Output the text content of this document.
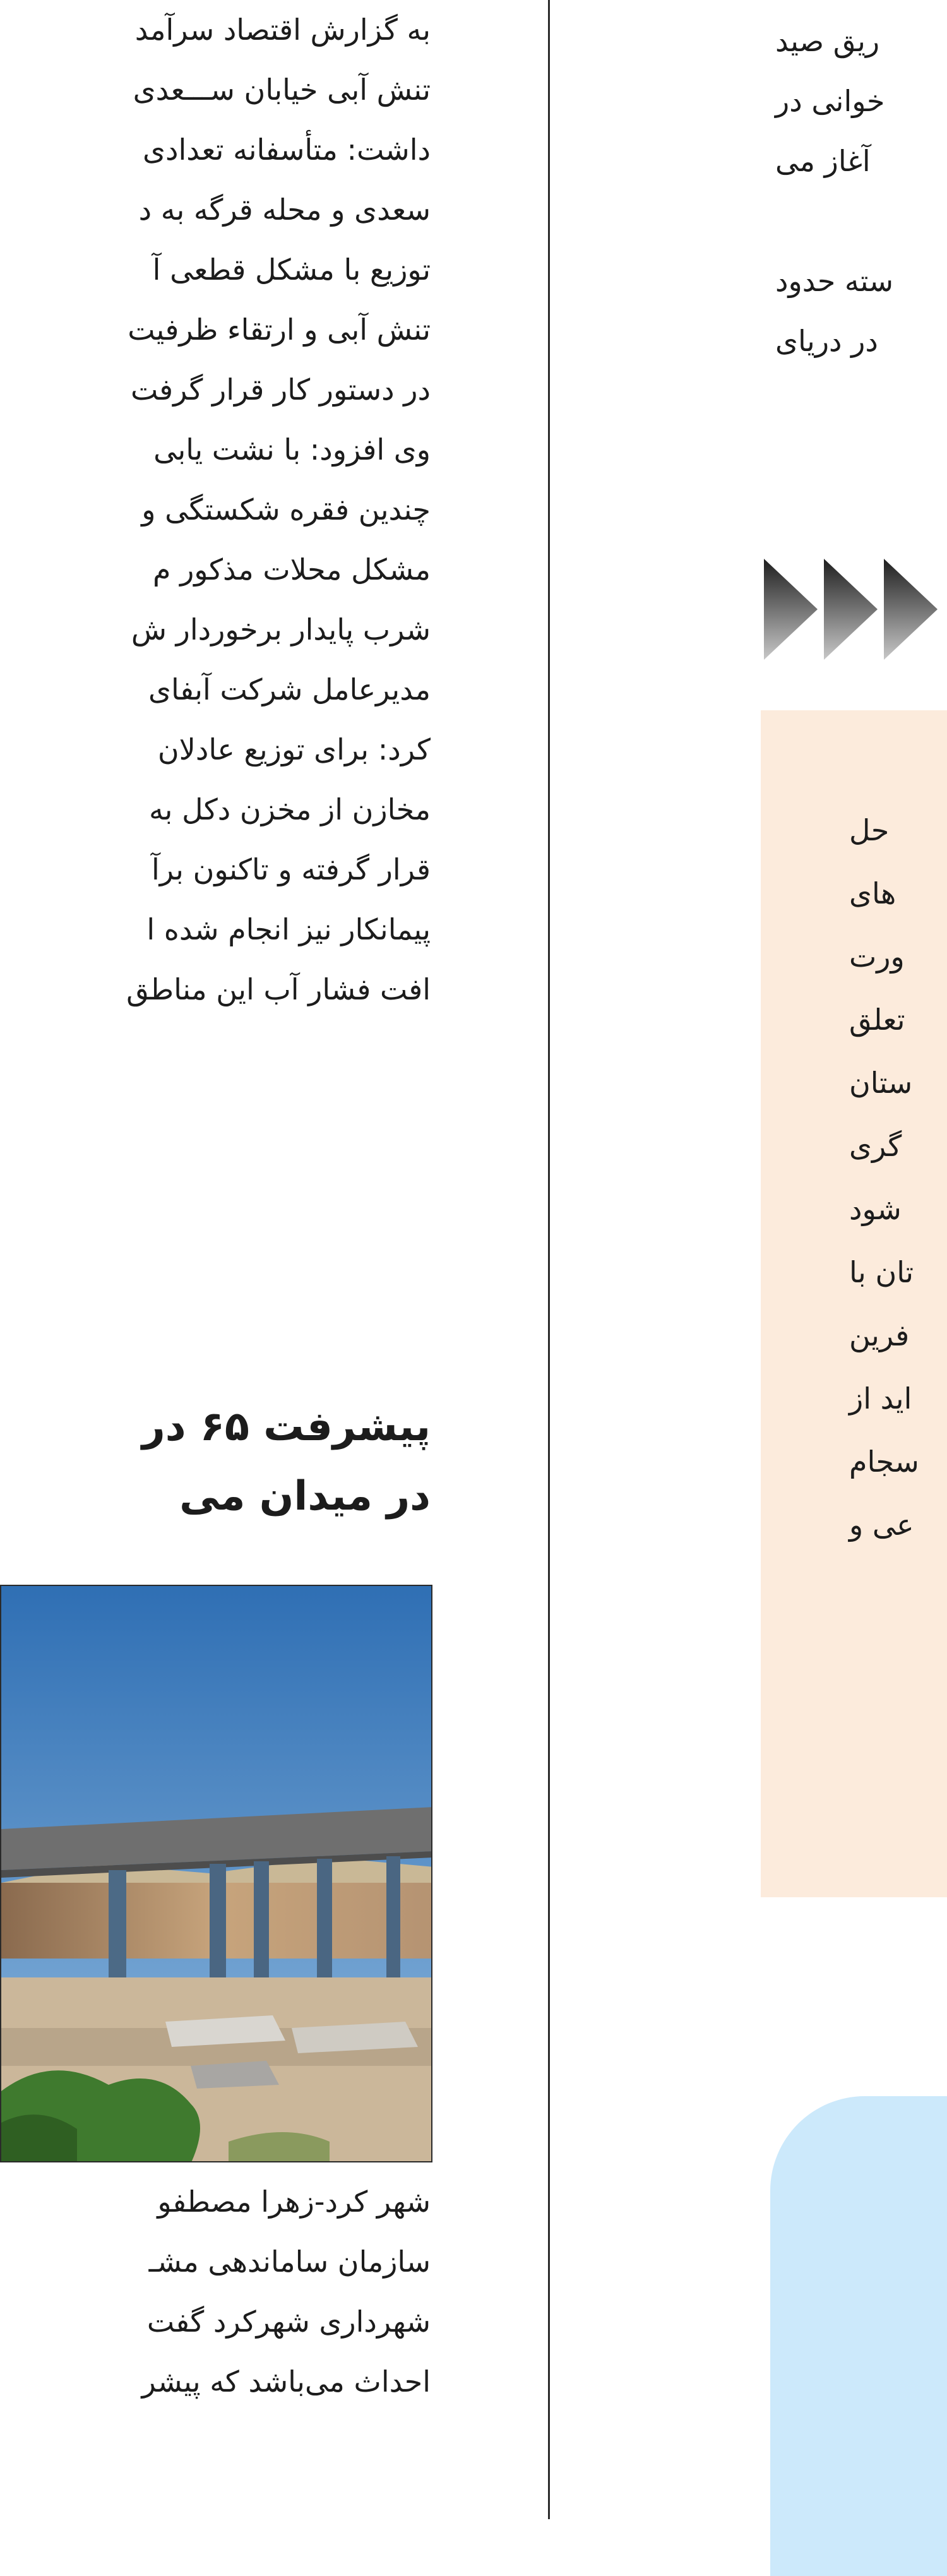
به گزارش اقتصاد سرآمد
تنش آبی خیابان ســـعدی
داشت: متأسفانه تعدادی
سعدی و محله قرگه به د
توزیع با مشکل قطعی آ
تنش آبی و ارتقاء ظرفیت
در دستور کار قرار گرفت
وی افزود: با نشت یابی
چندین فقره شکستگی و
مشکل محلات مذکور م
شرب پایدار برخوردار ش
مدیرعامل شرکت آبفای
کرد: برای توزیع عادلان
مخازن از مخزن دکل به
قرار گرفته و تاکنون برآ
پیمانکار نیز انجام شده ا
افت فشار آب این مناطق
پیشرفت ۶۵ در
در میدان می
شهر کرد-زهرا مصطفو
سازمان ساماندهی مشـ
شهرداری شهرکرد گفت
احداث می‌باشد که پیشر
ریق صید
خوانی در
آغاز می
سته حدود
در دریای
حل
های
ورت
تعلق
ستان
گری
شود
تان با
فرین
اید از
سجام
عی و
